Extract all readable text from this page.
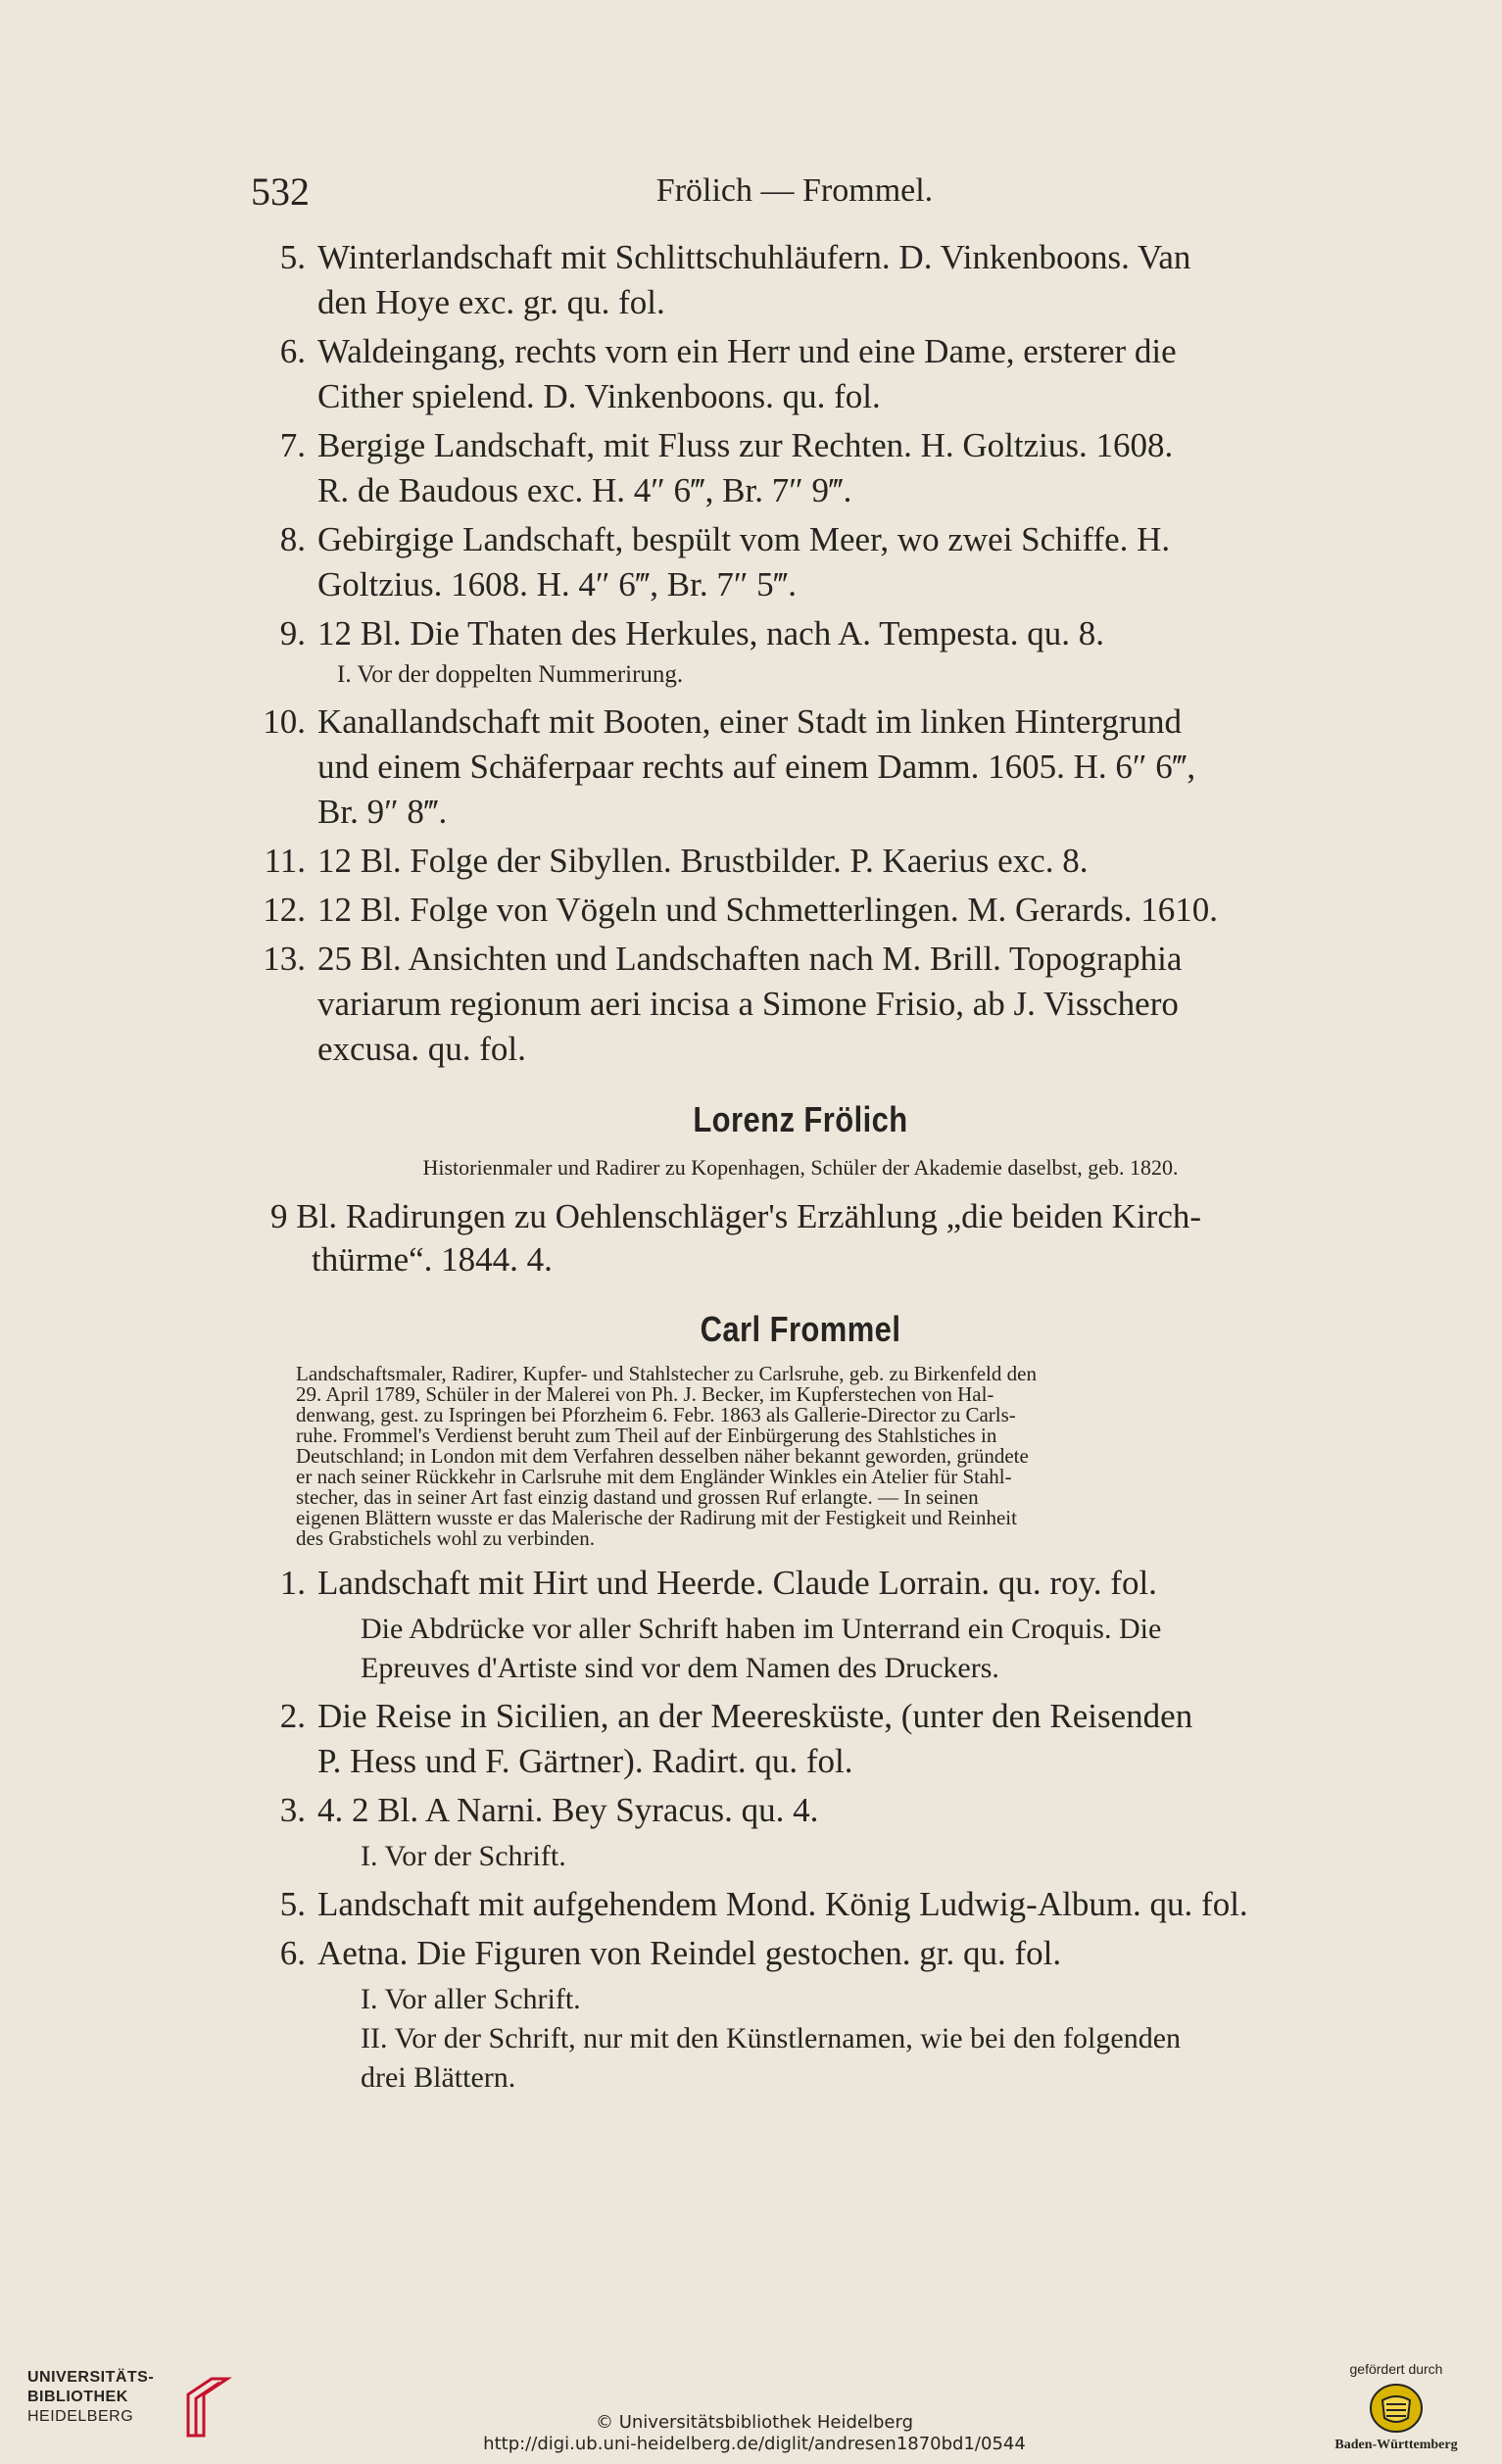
532	Frölich — Frommel.
5. Winterlandschaft mit Schlittschuhläufern. D. Vinkenboons. Van
den Hoye exc. gr. qu. fol.
6. Waldeingang, rechts vorn ein Herr und eine Dame, ersterer die
Cither spielend. D. Vinkenboons. qu. fol.
7. Bergige Landschaft, mit Fluss zur Rechten. H. Goltzius. 1608.
R. de Baudous exc. H. 4″ 6‴, Br. 7″ 9‴.
8. Gebirgige Landschaft, bespült vom Meer, wo zwei Schiffe. H.
Goltzius. 1608. H. 4″ 6‴, Br. 7″ 5‴.
9. 12 Bl. Die Thaten des Herkules, nach A. Tempesta. qu. 8.
I. Vor der doppelten Nummerirung.
10. Kanallandschaft mit Booten, einer Stadt im linken Hintergrund
und einem Schäferpaar rechts auf einem Damm. 1605. H. 6″ 6‴,
Br. 9″ 8‴.
11. 12 Bl. Folge der Sibyllen. Brustbilder. P. Kaerius exc. 8.
12. 12 Bl. Folge von Vögeln und Schmetterlingen. M. Gerards. 1610.
13. 25 Bl. Ansichten und Landschaften nach M. Brill. Topographia
variarum regionum aeri incisa a Simone Frisio, ab J. Visschero
excusa. qu. fol.
Lorenz Frölich
Historienmaler und Radirer zu Kopenhagen, Schüler der Akademie daselbst, geb. 1820.
9 Bl. Radirungen zu Oehlenschläger's Erzählung „die beiden Kirch-
thürme“. 1844. 4.
Carl Frommel
Landschaftsmaler, Radirer, Kupfer- und Stahlstecher zu Carlsruhe, geb. zu Birkenfeld den
29. April 1789, Schüler in der Malerei von Ph. J. Becker, im Kupferstechen von Hal-
denwang, gest. zu Ispringen bei Pforzheim 6. Febr. 1863 als Gallerie-Director zu Carls-
ruhe. Frommel's Verdienst beruht zum Theil auf der Einbürgerung des Stahlstiches in
Deutschland; in London mit dem Verfahren desselben näher bekannt geworden, gründete
er nach seiner Rückkehr in Carlsruhe mit dem Engländer Winkles ein Atelier für Stahl-
stecher, das in seiner Art fast einzig dastand und grossen Ruf erlangte. — In seinen
eigenen Blättern wusste er das Malerische der Radirung mit der Festigkeit und Reinheit
des Grabstichels wohl zu verbinden.
1. Landschaft mit Hirt und Heerde. Claude Lorrain. qu. roy. fol.
Die Abdrücke vor aller Schrift haben im Unterrand ein Croquis. Die
Epreuves d'Artiste sind vor dem Namen des Druckers.
2. Die Reise in Sicilien, an der Meeresküste, (unter den Reisenden
P. Hess und F. Gärtner). Radirt. qu. fol.
3. 4. 2 Bl. A Narni. Bey Syracus. qu. 4.
I. Vor der Schrift.
5. Landschaft mit aufgehendem Mond. König Ludwig-Album. qu. fol.
6. Aetna. Die Figuren von Reindel gestochen. gr. qu. fol.
I. Vor aller Schrift.
II. Vor der Schrift, nur mit den Künstlernamen, wie bei den folgenden
drei Blättern.
UNIVERSITÄTS-
BIBLIOTHEK
HEIDELBERG	© Universitätsbibliothek Heidelberg
http://digi.ub.uni-heidelberg.de/diglit/andresen1870bd1/0544
gefördert durch
Baden-Württemberg
